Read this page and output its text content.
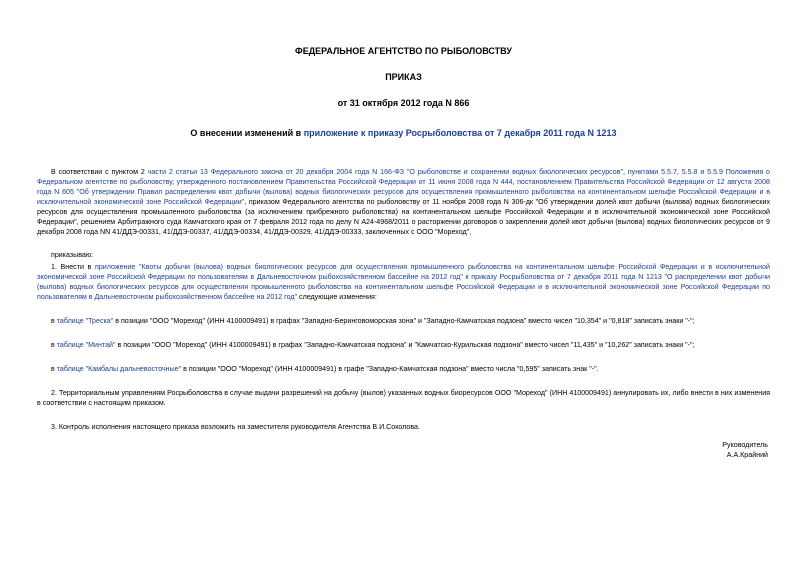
ФЕДЕРАЛЬНОЕ АГЕНТСТВО ПО РЫБОЛОВСТВУ
ПРИКАЗ
от 31 октября 2012 года N 866
О внесении изменений в приложение к приказу Росрыболовства от 7 декабря 2011 года N 1213

В соответствии с пунктом 2 части 2 статьи 13 Федерального закона от 20 декабря 2004 года N 166-ФЗ "О рыболовстве и сохранении водных биологических ресурсов", пунктами 5.5.7, 5.5.8 и 5.5.9 Положения о Федеральном агентстве по рыболовству, утвержденного постановлением Правительства Российской Федерации от 11 июня 2008 года N 444, постановлением Правительства Российской Федерации от 12 августа 2008 года N 605 "Об утверждении Правил распределения квот добычи (вылова) водных биологических ресурсов для осуществления промышленного рыболовства на континентальном шельфе Российской Федерации и в исключительной экономической зоне Российской Федерации", приказом Федерального агентства по рыболовству от 11 ноября 2008 года N 306-дк "Об утверждении долей квот добычи (вылова) водных биологических ресурсов для осуществления промышленного рыболовства (за исключением прибрежного рыболовства) на континентальном шельфе Российской Федерации и в исключительной экономической зоне Российской Федерации", решением Арбитражного суда Камчатского края от 7 февраля 2012 года по делу N А24-4968/2011 о расторжении договоров о закреплении долей квот добычи (вылова) водных биологических ресурсов от 9 декабря 2008 года NN 41/ДДЭ-00331, 41/ДДЭ-00337, 41/ДДЭ-00334, 41/ДДЭ-00329, 41/ДДЭ-00333, заключенных с ООО "Мореход",

приказываю:

1. Внести в приложение "Квоты добычи (вылова) водных биологических ресурсов для осуществления промышленного рыболовства на континентальном шельфе Российской Федерации и в исключительной экономической зоне Российской Федерации по пользователям в Дальневосточном рыбохозяйственном бассейне на 2012 год" к приказу Росрыболовства от 7 декабря 2011 года N 1213 "О распределении квот добычи (вылова) водных биологических ресурсов для осуществления промышленного рыболовства на континентальном шельфе Российской Федерации и в исключительной экономической зоне Российской Федерации по пользователям в Дальневосточном рыбохозяйственном бассейне на 2012 год" следующие изменения:

в таблице "Треска" в позиции "ООО "Мореход" (ИНН 4100009491) в графах "Западно-Беринговоморская зона" и "Западно-Камчатская подзона" вместо чисел "10,354" и "0,818" записать знаки "-";

в таблице "Минтай" в позиции "ООО "Мореход" (ИНН 4100009491) в графах "Западно-Камчатская подзона" и "Камчатско-Курильская подзона" вместо чисел "11,435" и "10,262" записать знаки "-";

в таблице "Камбалы дальневосточные" в позиции "ООО "Мореход" (ИНН 4100009491) в графе "Западно-Камчатская подзона" вместо числа "0,595" записать знак "-".

2. Территориальным управлениям Росрыболовства в случае выдачи разрешений на добычу (вылов) указанных водных биоресурсов ООО "Мореход" (ИНН 4100009491) аннулировать их, либо внести в них изменения в соответствии с настоящим приказом.

3. Контроль исполнения настоящего приказа возложить на заместителя руководителя Агентства В.И.Соколова.

Руководитель
А.А.Крайний
